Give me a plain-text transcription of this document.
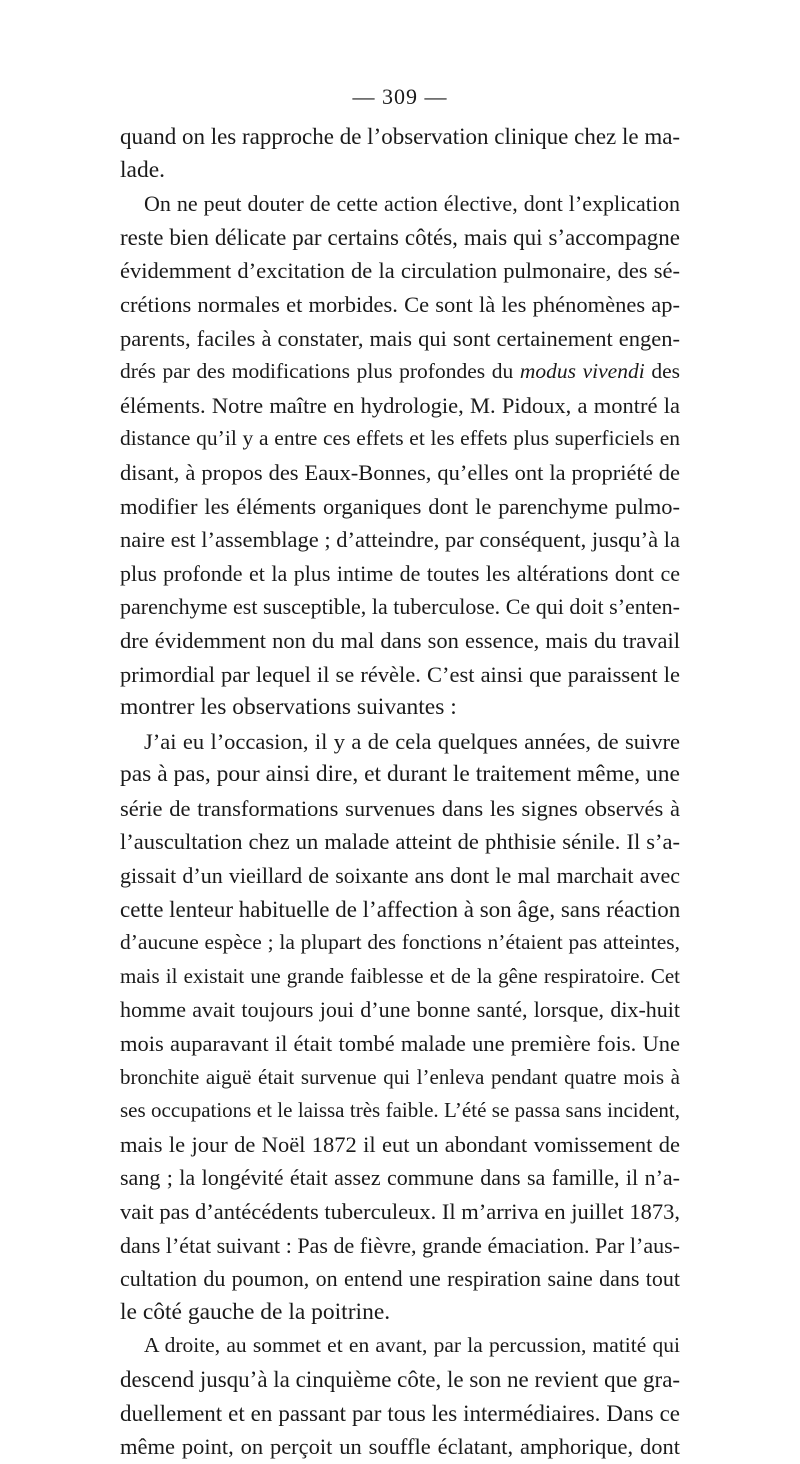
— 309 —
quand on les rapproche de l’observation clinique chez le ma-
lade.
On ne peut douter de cette action élective, dont l’explication
reste bien délicate par certains côtés, mais qui s’accompagne
évidemment d’excitation de la circulation pulmonaire, des sé-
crétions normales et morbides. Ce sont là les phénomènes ap-
parents, faciles à constater, mais qui sont certainement engen-
drés par des modifications plus profondes du modus vivendi des
éléments. Notre maître en hydrologie, M. Pidoux, a montré la
distance qu’il y a entre ces effets et les effets plus superficiels en
disant, à propos des Eaux-Bonnes, qu’elles ont la propriété de
modifier les éléments organiques dont le parenchyme pulmo-
naire est l’assemblage ; d’atteindre, par conséquent, jusqu’à la
plus profonde et la plus intime de toutes les altérations dont ce
parenchyme est susceptible, la tuberculose. Ce qui doit s’enten-
dre évidemment non du mal dans son essence, mais du travail
primordial par lequel il se révèle. C’est ainsi que paraissent le
montrer les observations suivantes :
J’ai eu l’occasion, il y a de cela quelques années, de suivre
pas à pas, pour ainsi dire, et durant le traitement même, une
série de transformations survenues dans les signes observés à
l’auscultation chez un malade atteint de phthisie sénile. Il s’a-
gissait d’un vieillard de soixante ans dont le mal marchait avec
cette lenteur habituelle de l’affection à son âge, sans réaction
d’aucune espèce ; la plupart des fonctions n’étaient pas atteintes,
mais il existait une grande faiblesse et de la gêne respiratoire. Cet
homme avait toujours joui d’une bonne santé, lorsque, dix-huit
mois auparavant il était tombé malade une première fois. Une
bronchite aiguë était survenue qui l’enleva pendant quatre mois à
ses occupations et le laissa très faible. L’été se passa sans incident,
mais le jour de Noël 1872 il eut un abondant vomissement de
sang ; la longévité était assez commune dans sa famille, il n’a-
vait pas d’antécédents tuberculeux. Il m’arriva en juillet 1873,
dans l’état suivant : Pas de fièvre, grande émaciation. Par l’aus-
cultation du poumon, on entend une respiration saine dans tout
le côté gauche de la poitrine.
A droite, au sommet et en avant, par la percussion, matité qui
descend jusqu’à la cinquième côte, le son ne revient que gra-
duellement et en passant par tous les intermédiaires. Dans ce
même point, on perçoit un souffle éclatant, amphorique, dont
